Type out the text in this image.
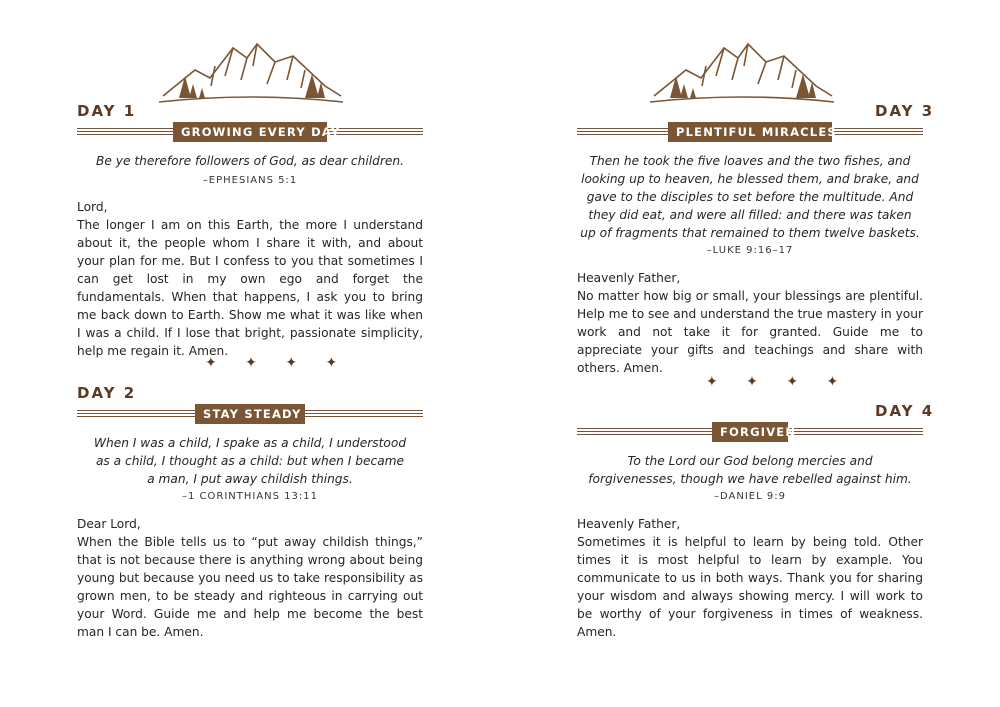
DAY 1
GROWING EVERY DAY
Be ye therefore followers of God, as dear children.
–EPHESIANS 5:1
Lord,
The longer I am on this Earth, the more I understand about it, the people whom I share it with, and about your plan for me. But I confess to you that sometimes I can get lost in my own ego and forget the fundamentals. When that happens, I ask you to bring me back down to Earth. Show me what it was like when I was a child. If I lose that bright, passionate simplicity, help me regain it. Amen.
✦ ✦ ✦ ✦
DAY 2
STAY STEADY
When I was a child, I spake as a child, I understood
as a child, I thought as a child: but when I became
a man, I put away childish things.
–1 CORINTHIANS 13:11
Dear Lord,
When the Bible tells us to “put away childish things,” that is not because there is anything wrong about being young but because you need us to take responsibility as grown men, to be steady and righteous in carrying out your Word. Guide me and help me become the best man I can be. Amen.
DAY 3
PLENTIFUL MIRACLES
Then he took the five loaves and the two fishes, and
looking up to heaven, he blessed them, and brake, and
gave to the disciples to set before the multitude. And
they did eat, and were all filled: and there was taken
up of fragments that remained to them twelve baskets.
–LUKE 9:16–17
Heavenly Father,
No matter how big or small, your blessings are plentiful. Help me to see and understand the true mastery in your work and not take it for granted. Guide me to appreciate your gifts and teachings and share with others. Amen.
✦ ✦ ✦ ✦
DAY 4
FORGIVEN
To the Lord our God belong mercies and
forgivenesses, though we have rebelled against him.
–DANIEL 9:9
Heavenly Father,
Sometimes it is helpful to learn by being told. Other times it is most helpful to learn by example. You communicate to us in both ways. Thank you for sharing your wisdom and always showing mercy. I will work to be worthy of your forgiveness in times of weakness. Amen.
